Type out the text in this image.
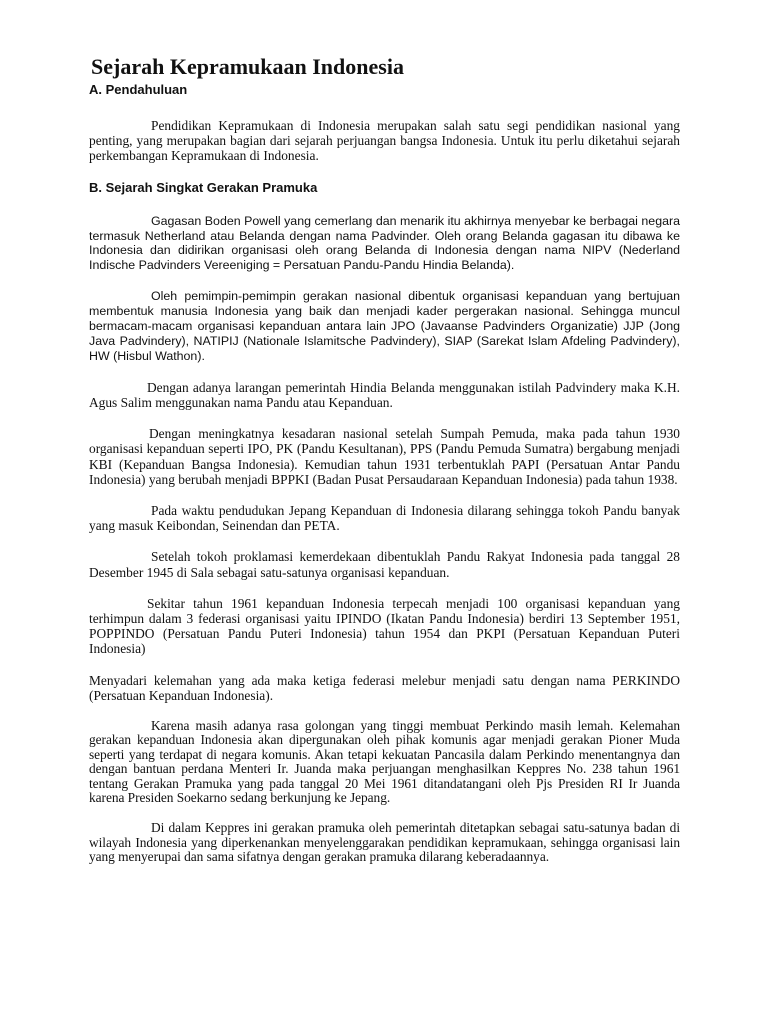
Sejarah Kepramukaan Indonesia
A. Pendahuluan

Pendidikan Kepramukaan di Indonesia merupakan salah satu segi pendidikan nasional yang penting, yang merupakan bagian dari sejarah perjuangan bangsa Indonesia. Untuk itu perlu diketahui sejarah perkembangan Kepramukaan di Indonesia.

B. Sejarah Singkat Gerakan Pramuka

Gagasan Boden Powell yang cemerlang dan menarik itu akhirnya menyebar ke berbagai negara termasuk Netherland atau Belanda dengan nama Padvinder. Oleh orang Belanda gagasan itu dibawa ke Indonesia dan didirikan organisasi oleh orang Belanda di Indonesia dengan nama NIPV (Nederland Indische Padvinders Vereeniging = Persatuan Pandu-Pandu Hindia Belanda).

Oleh pemimpin-pemimpin gerakan nasional dibentuk organisasi kepanduan yang bertujuan membentuk manusia Indonesia yang baik dan menjadi kader pergerakan nasional. Sehingga muncul bermacam-macam organisasi kepanduan antara lain JPO (Javaanse Padvinders Organizatie) JJP (Jong Java Padvindery), NATIPIJ (Nationale Islamitsche Padvindery), SIAP (Sarekat Islam Afdeling Padvindery), HW (Hisbul Wathon).

Dengan adanya larangan pemerintah Hindia Belanda menggunakan istilah Padvindery maka K.H. Agus Salim menggunakan nama Pandu atau Kepanduan.

Dengan meningkatnya kesadaran nasional setelah Sumpah Pemuda, maka pada tahun 1930 organisasi kepanduan seperti IPO, PK (Pandu Kesultanan), PPS (Pandu Pemuda Sumatra) bergabung menjadi KBI (Kepanduan Bangsa Indonesia). Kemudian tahun 1931 terbentuklah PAPI (Persatuan Antar Pandu Indonesia) yang berubah menjadi BPPKI (Badan Pusat Persaudaraan Kepanduan Indonesia) pada tahun 1938.

Pada waktu pendudukan Jepang Kepanduan di Indonesia dilarang sehingga tokoh Pandu banyak yang masuk Keibondan, Seinendan dan PETA.

Setelah tokoh proklamasi kemerdekaan dibentuklah Pandu Rakyat Indonesia pada tanggal 28 Desember 1945 di Sala sebagai satu-satunya organisasi kepanduan.

Sekitar tahun 1961 kepanduan Indonesia terpecah menjadi 100 organisasi kepanduan yang terhimpun dalam 3 federasi organisasi yaitu IPINDO (Ikatan Pandu Indonesia) berdiri 13 September 1951, POPPINDO (Persatuan Pandu Puteri Indonesia) tahun 1954 dan PKPI (Persatuan Kepanduan Puteri Indonesia)

Menyadari kelemahan yang ada maka ketiga federasi melebur menjadi satu dengan nama PERKINDO (Persatuan Kepanduan Indonesia).

Karena masih adanya rasa golongan yang tinggi membuat Perkindo masih lemah. Kelemahan gerakan kepanduan Indonesia akan dipergunakan oleh pihak komunis agar menjadi gerakan Pioner Muda seperti yang terdapat di negara komunis. Akan tetapi kekuatan Pancasila dalam Perkindo menentangnya dan dengan bantuan perdana Menteri Ir. Juanda maka perjuangan menghasilkan Keppres No. 238 tahun 1961 tentang Gerakan Pramuka yang pada tanggal 20 Mei 1961 ditandatangani oleh Pjs Presiden RI Ir Juanda karena Presiden Soekarno sedang berkunjung ke Jepang.

Di dalam Keppres ini gerakan pramuka oleh pemerintah ditetapkan sebagai satu-satunya badan di wilayah Indonesia yang diperkenankan menyelenggarakan pendidikan kepramukaan, sehingga organisasi lain yang menyerupai dan sama sifatnya dengan gerakan pramuka dilarang keberadaannya.
